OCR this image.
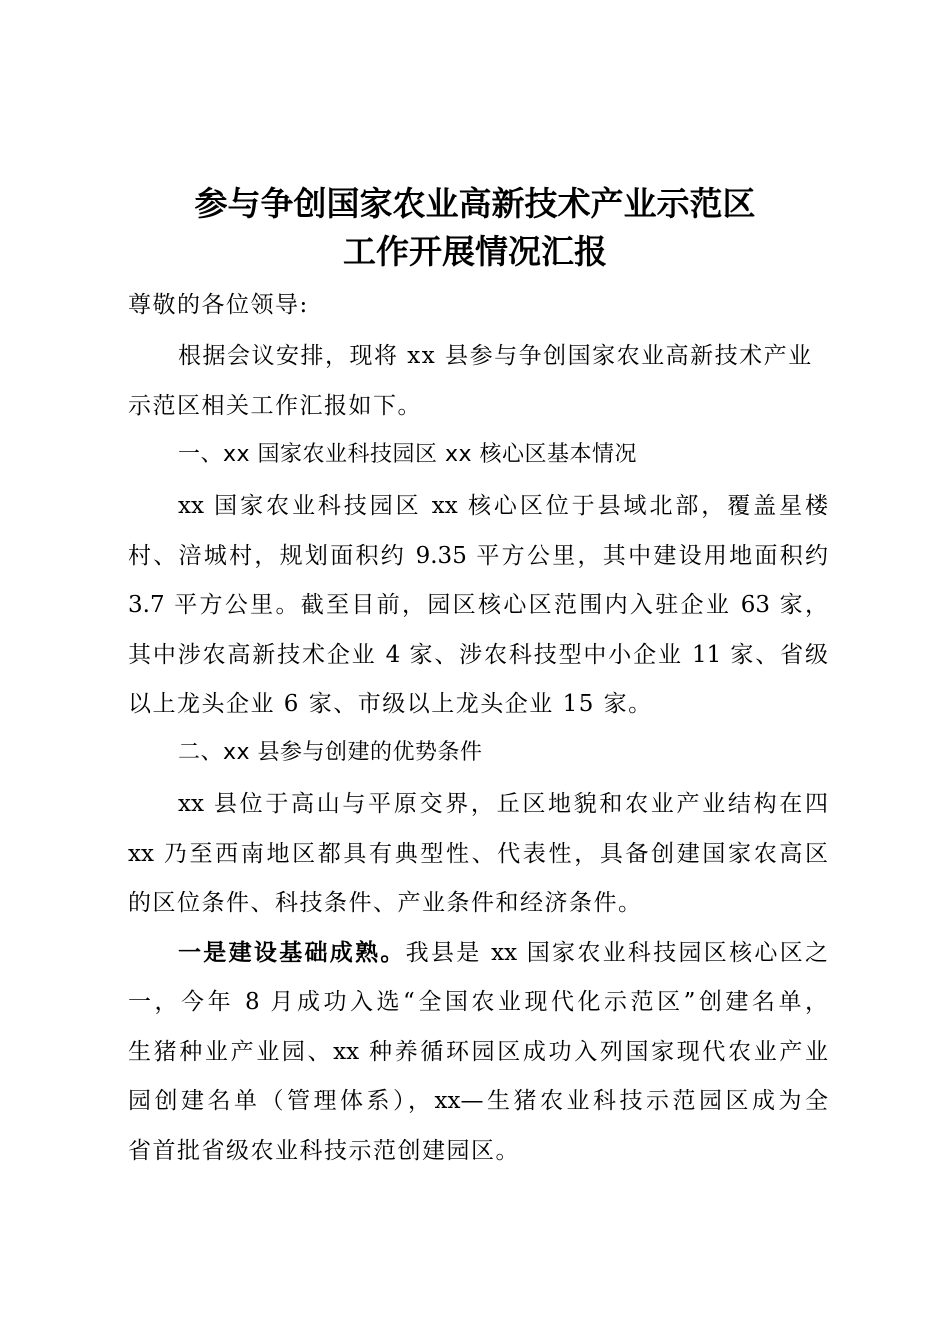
参与争创国家农业高新技术产业示范区
工作开展情况汇报

尊敬的各位领导:

根据会议安排，现将 xx 县参与争创国家农业高新技术产业

示范区相关工作汇报如下。

一、xx 国家农业科技园区 xx 核心区基本情况

xx 国家农业科技园区 xx 核心区位于县域北部，覆盖星楼

村、涪城村，规划面积约 9.35 平方公里，其中建设用地面积约

3.7 平方公里。截至目前，园区核心区范围内入驻企业 63 家，

其中涉农高新技术企业 4 家、涉农科技型中小企业 11 家、省级

以上龙头企业 6 家、市级以上龙头企业 15 家。

二、xx 县参与创建的优势条件

xx 县位于高山与平原交界，丘区地貌和农业产业结构在四

xx 乃至西南地区都具有典型性、代表性，具备创建国家农高区

的区位条件、科技条件、产业条件和经济条件。

一是建设基础成熟。我县是 xx 国家农业科技园区核心区之

一，今年 8 月成功入选“全国农业现代化示范区”创建名单，

生猪种业产业园、xx 种养循环园区成功入列国家现代农业产业

园创建名单（管理体系），xx—生猪农业科技示范园区成为全

省首批省级农业科技示范创建园区。
